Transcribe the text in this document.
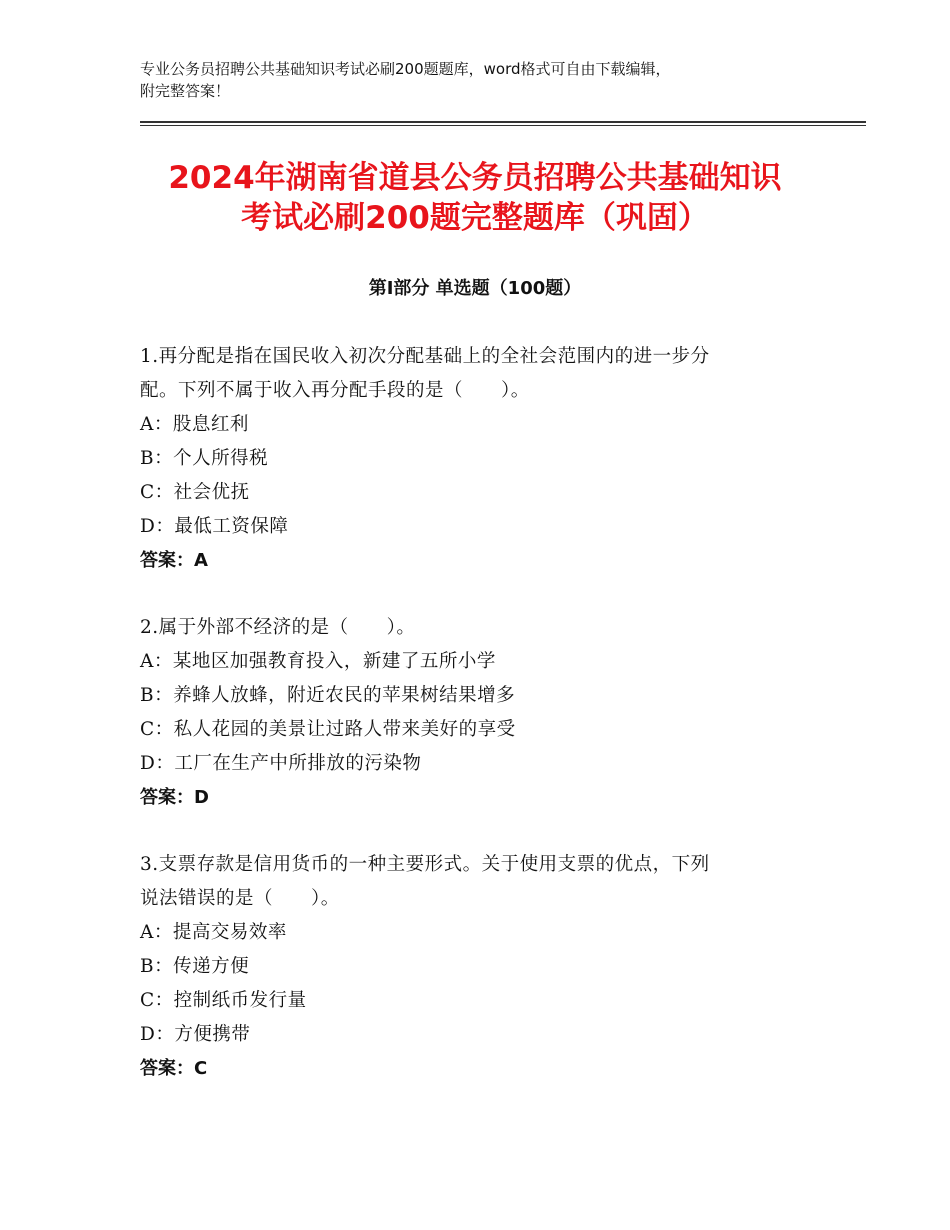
专业公务员招聘公共基础知识考试必刷200题题库，word格式可自由下载编辑，
附完整答案！
2024年湖南省道县公务员招聘公共基础知识
考试必刷200题完整题库（巩固）
第Ⅰ部分 单选题（100题）
1.再分配是指在国民收入初次分配基础上的全社会范围内的进一步分
配。下列不属于收入再分配手段的是（　　）。
A：股息红利
B：个人所得税
C：社会优抚
D：最低工资保障
答案：A
2.属于外部不经济的是（　　）。
A：某地区加强教育投入，新建了五所小学
B：养蜂人放蜂，附近农民的苹果树结果增多
C：私人花园的美景让过路人带来美好的享受
D：工厂在生产中所排放的污染物
答案：D
3.支票存款是信用货币的一种主要形式。关于使用支票的优点，下列
说法错误的是（　　）。
A：提高交易效率
B：传递方便
C：控制纸币发行量
D：方便携带
答案：C
